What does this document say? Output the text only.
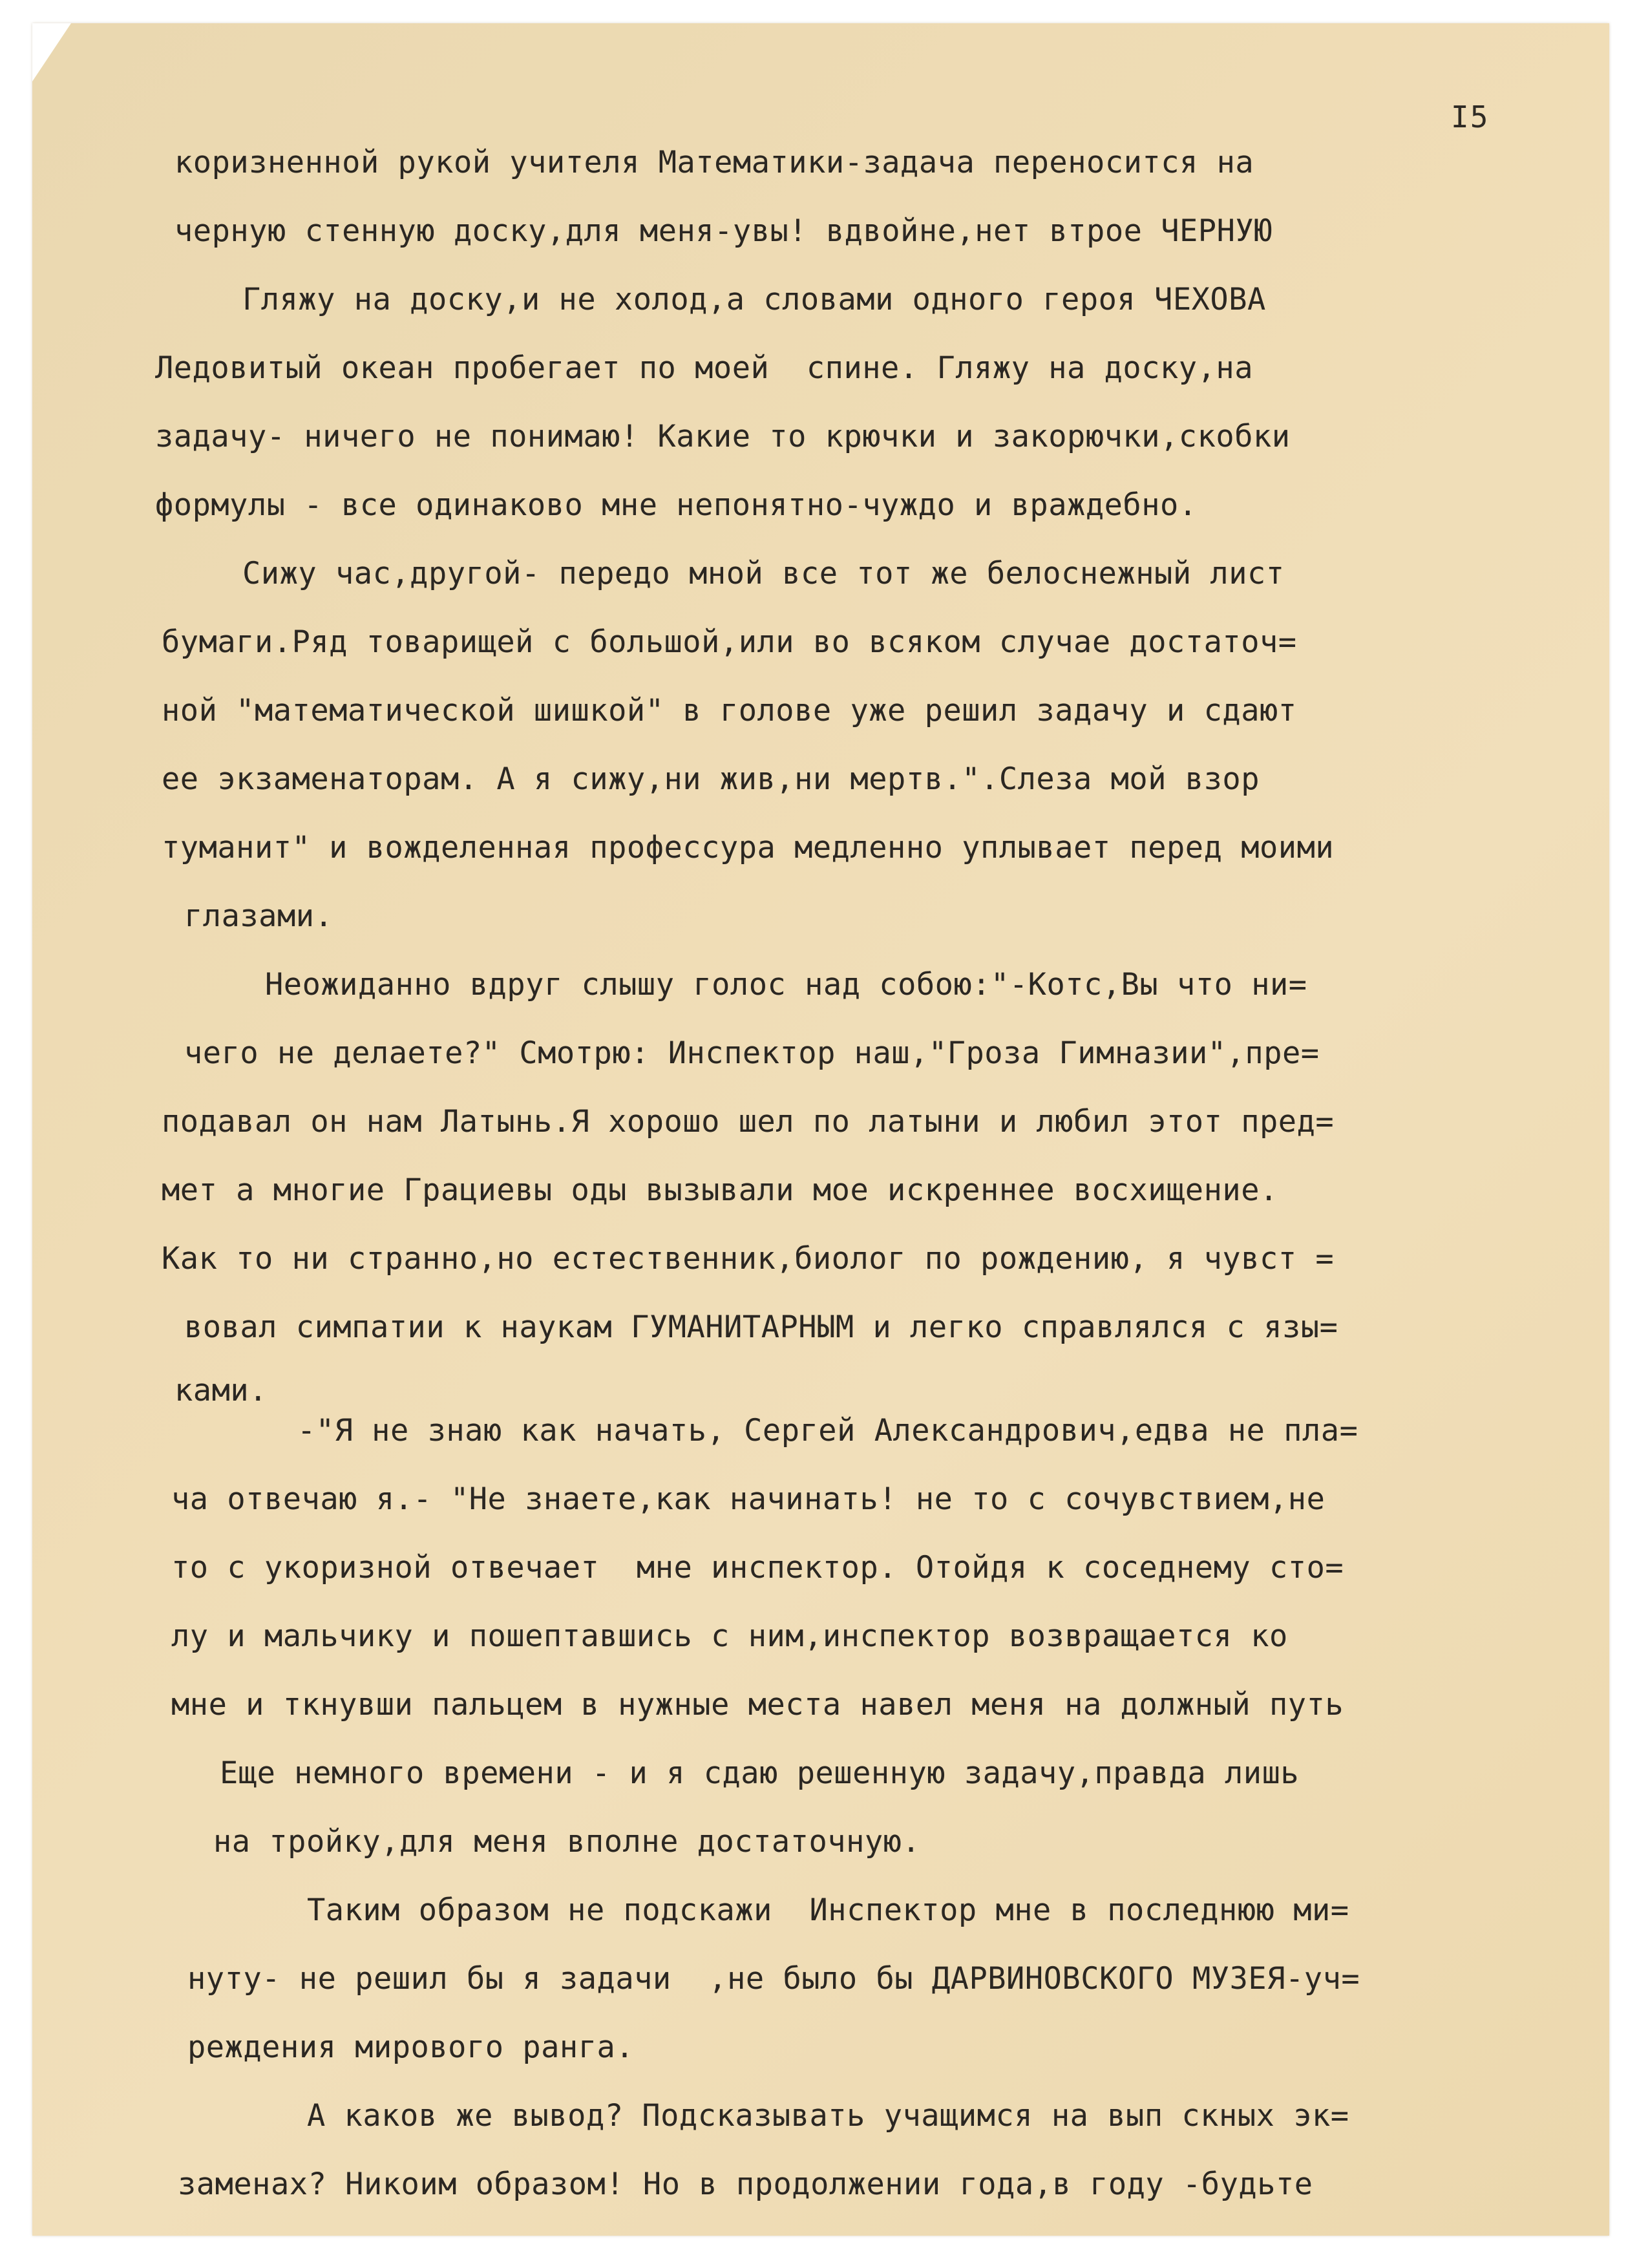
I5
коризненной рукой учителя Математики-задача переносится на
черную стенную доску,для меня-увы! вдвойне,нет втрое ЧЕРНУЮ
Гляжу на доску,и не холод,а словами одного героя ЧЕХОВА
Ледовитый океан пробегает по моей  спине. Гляжу на доску,на
задачу- ничего не понимаю! Какие то крючки и закорючки,скобки
формулы - все одинаково мне непонятно-чуждо и враждебно.
Сижу час,другой- передо мной все тот же белоснежный лист
бумаги.Ряд товарищей с большой,или во всяком случае достаточ=
ной "математической шишкой" в голове уже решил задачу и сдают
ее экзаменаторам. А я сижу,ни жив,ни мертв.".Слеза мой взор
туманит" и вожделенная профессура медленно уплывает перед моими
глазами.
Неожиданно вдруг слышу голос над собою:"-Котс,Вы что ни=
чего не делаете?" Смотрю: Инспектор наш,"Гроза Гимназии",пре=
подавал он нам Латынь.Я хорошо шел по латыни и любил этот пред=
мет а многие Грациевы оды вызывали мое искреннее восхищение.
Как то ни странно,но естественник,биолог по рождению, я чувст =
вовал симпатии к наукам ГУМАНИТАРНЫМ и легко справлялся с язы=
ками.
-"Я не знаю как начать, Сергей Александрович,едва не пла=
ча отвечаю я.- "Не знаете,как начинать! не то с сочувствием,не
то с укоризной отвечает  мне инспектор. Отойдя к соседнему сто=
лу и мальчику и пошептавшись с ним,инспектор возвращается ко
мне и ткнувши пальцем в нужные места навел меня на должный путь
Еще немного времени - и я сдаю решенную задачу,правда лишь
на тройку,для меня вполне достаточную.
Таким образом не подскажи  Инспектор мне в последнюю ми=
нуту- не решил бы я задачи  ,не было бы ДАРВИНОВСКОГО МУЗЕЯ-уч=
реждения мирового ранга.
А каков же вывод? Подсказывать учащимся на вып скных эк=
заменах? Никоим образом! Но в продолжении года,в году -будьте
